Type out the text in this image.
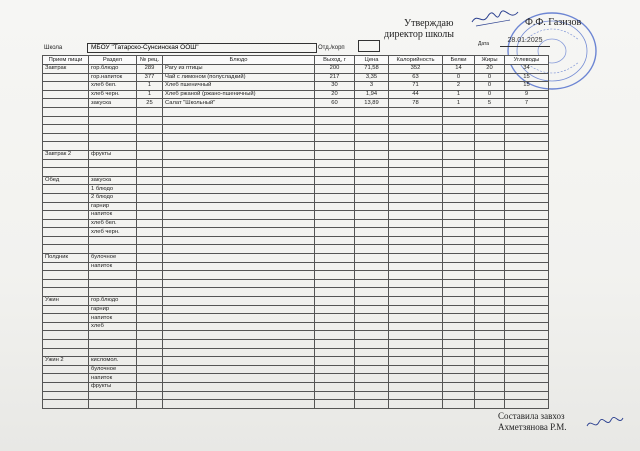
Утверждаю
директор школы
Ф.Ф. Газизов
Дата	28.01.2025
Школа	МБОУ "Татарско-Сунсинская ООШ"	Отд./корп
Прием пищи	Раздел	№ рец.	Блюдо	Выход, г	Цена	Калорийность	Белки	Жиры	Углеводы
Завтрак	гор.блюдо	289	Рагу из птицы	200	71,58	352	14	20	34
	гор.напиток	377	Чай с лимоном (полусладкий)	217	3,35	63	0	0	15
	хлеб бел.	1	Хлеб пшеничный	30	3	71	2	0	15
	хлеб черн.	1	Хлеб ржаной (ржано-пшеничный)	20	1,94	44	1	0	9
	закуска	25	Салат "Школьный"	60	13,89	78	1	5	7

Завтрак 2	фрукты								

Обед	закуска								
	1 блюдо								
	2 блюдо								
	гарнир								
	напиток								
	хлеб бел.								
	хлеб черн.								

Полдник	булочное								
	напиток								

Ужин	гор.блюдо								
	гарнир								
	напиток								
	хлеб								

Ужин 2	кисломол.								
	булочное								
	напиток								
	фрукты								

Составила завхоз
Ахметзянова Р.М.
